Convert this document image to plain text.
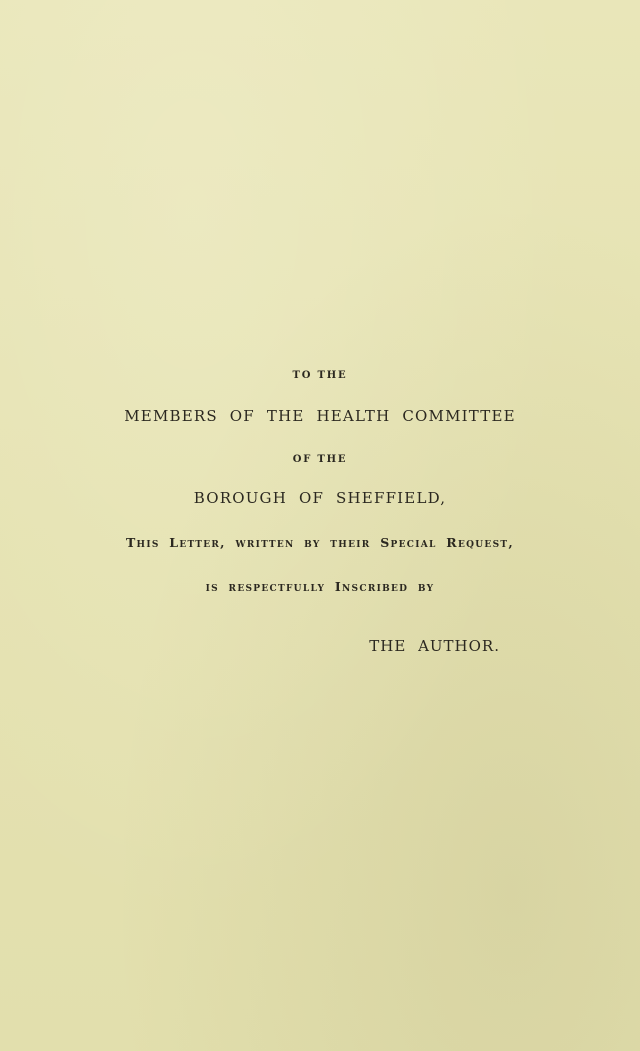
TO THE
MEMBERS OF THE HEALTH COMMITTEE
OF THE
BOROUGH OF SHEFFIELD,
This Letter, written by their Special Request,
is respectfully Inscribed by
THE AUTHOR.
